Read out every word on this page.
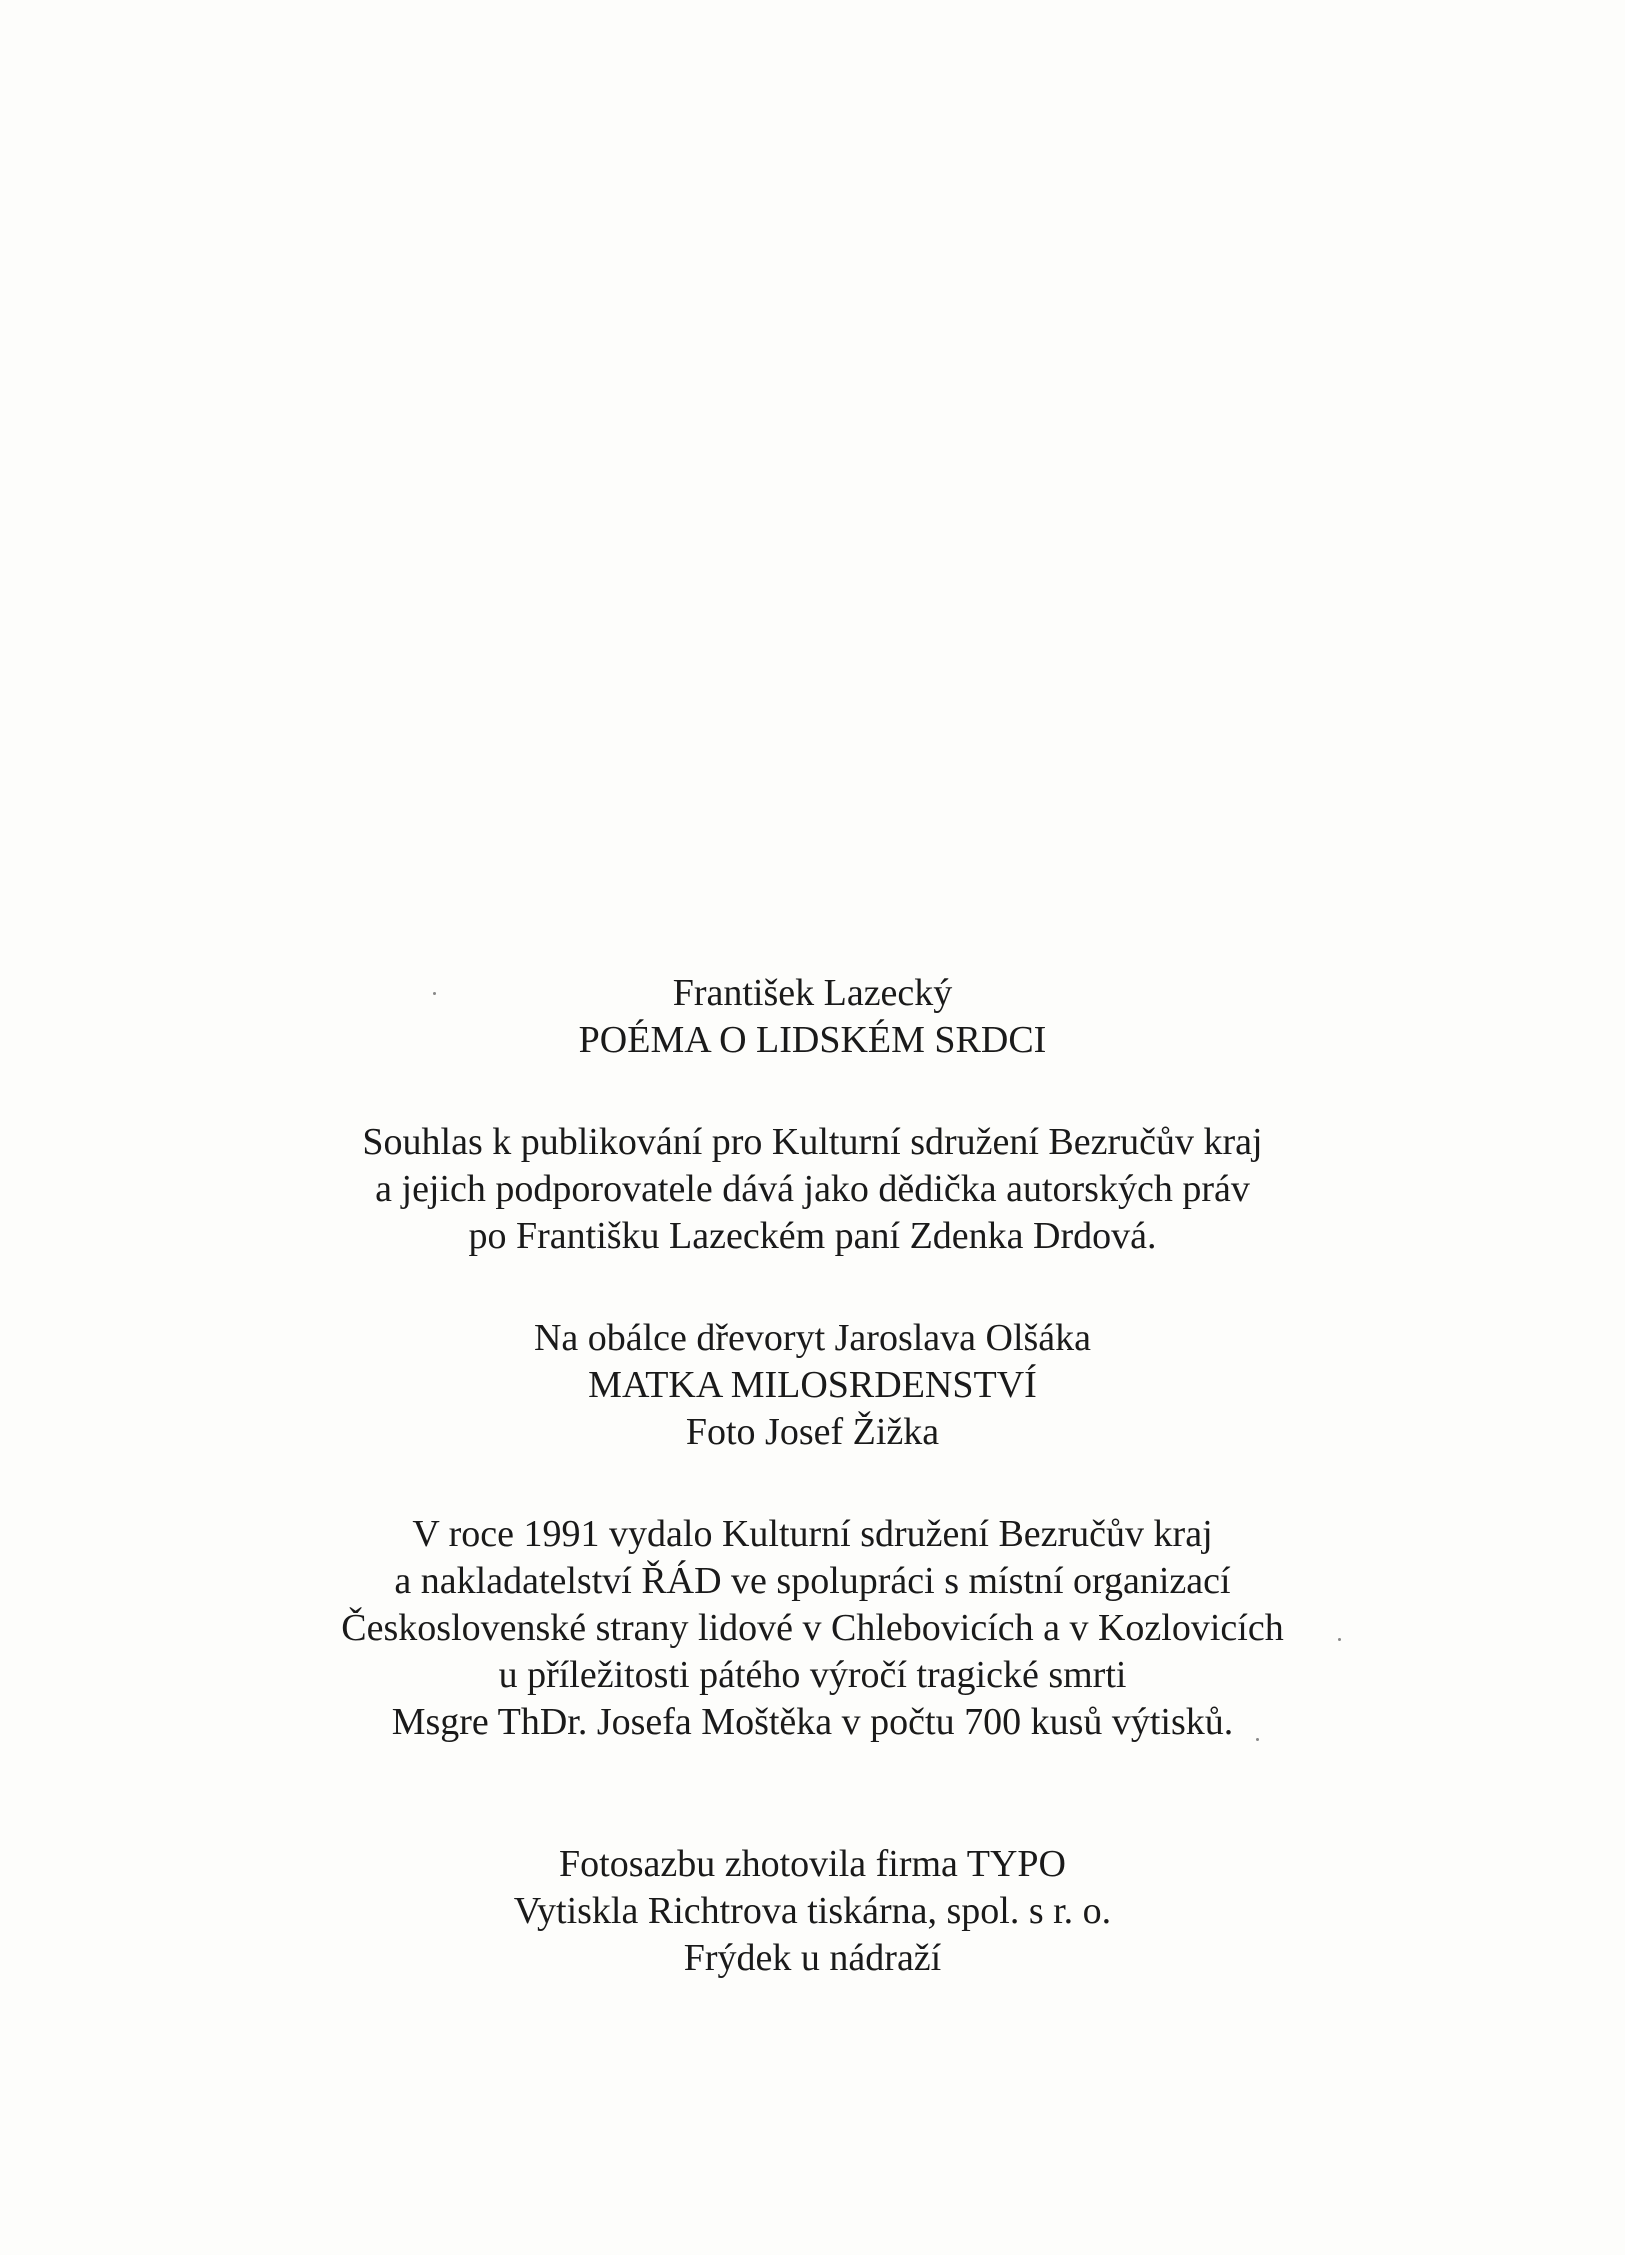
František Lazecký
POÉMA O LIDSKÉM SRDCI
Souhlas k publikování pro Kulturní sdružení Bezručův kraj
a jejich podporovatele dává jako dědička autorských práv
po Františku Lazeckém paní Zdenka Drdová.
Na obálce dřevoryt Jaroslava Olšáka
MATKA MILOSRDENSTVÍ
Foto Josef Žižka
V roce 1991 vydalo Kulturní sdružení Bezručův kraj
a nakladatelství ŘÁD ve spolupráci s místní organizací
Československé strany lidové v Chlebovicích a v Kozlovicích
u příležitosti pátého výročí tragické smrti
Msgre ThDr. Josefa Moštěka v počtu 700 kusů výtisků.
Fotosazbu zhotovila firma TYPO
Vytiskla Richtrova tiskárna, spol. s r. o.
Frýdek u nádraží
